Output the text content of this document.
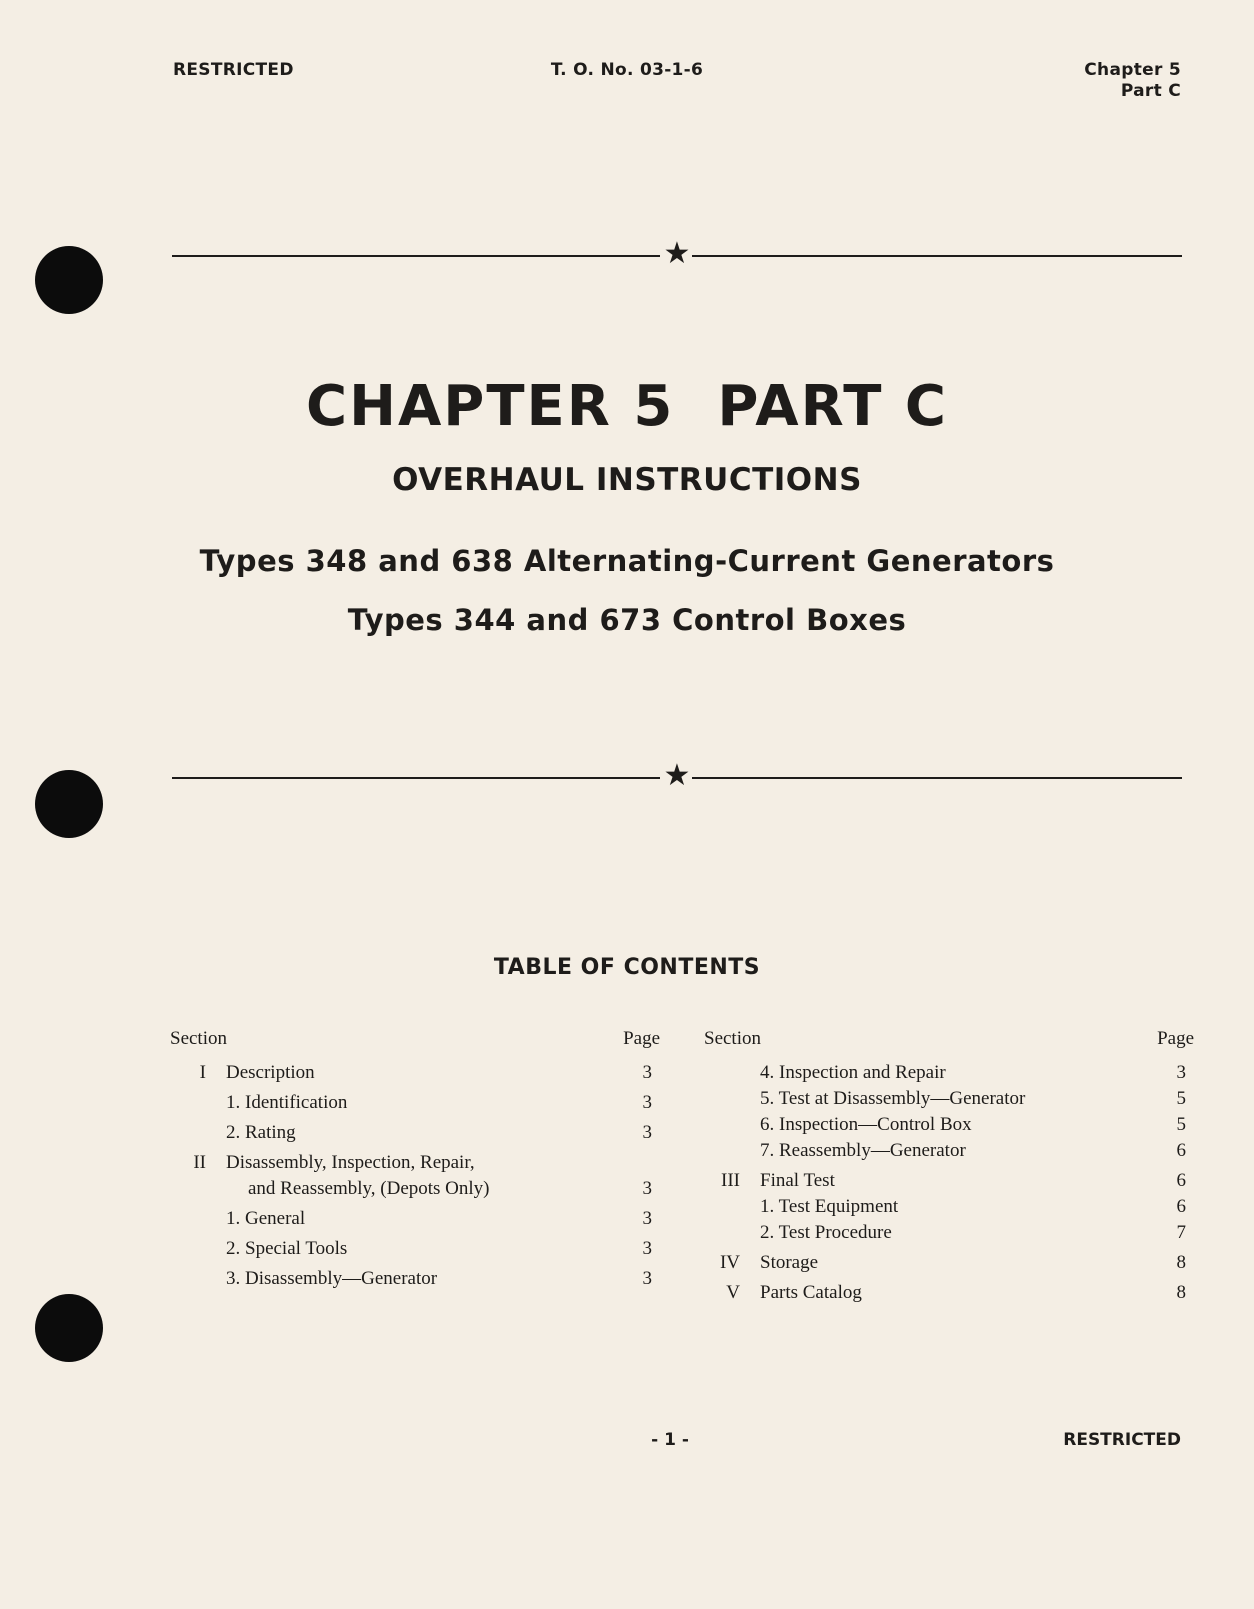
RESTRICTED	T. O. No. 03-1-6	Chapter 5
Part C
★
CHAPTER 5  PART C
OVERHAUL INSTRUCTIONS
Types 348 and 638 Alternating-Current Generators
Types 344 and 673 Control Boxes
★
TABLE OF CONTENTS
Section	Page
I Description	3
1. Identification	3
2. Rating	3
II Disassembly, Inspection, Repair,
and Reassembly, (Depots Only)	3
1. General	3
2. Special Tools	3
3. Disassembly—Generator	3
Section	Page
4. Inspection and Repair	3
5. Test at Disassembly—Generator	5
6. Inspection—Control Box	5
7. Reassembly—Generator	6
III Final Test	6
1. Test Equipment	6
2. Test Procedure	7
IV Storage	8
V Parts Catalog	8
- 1 -	RESTRICTED
